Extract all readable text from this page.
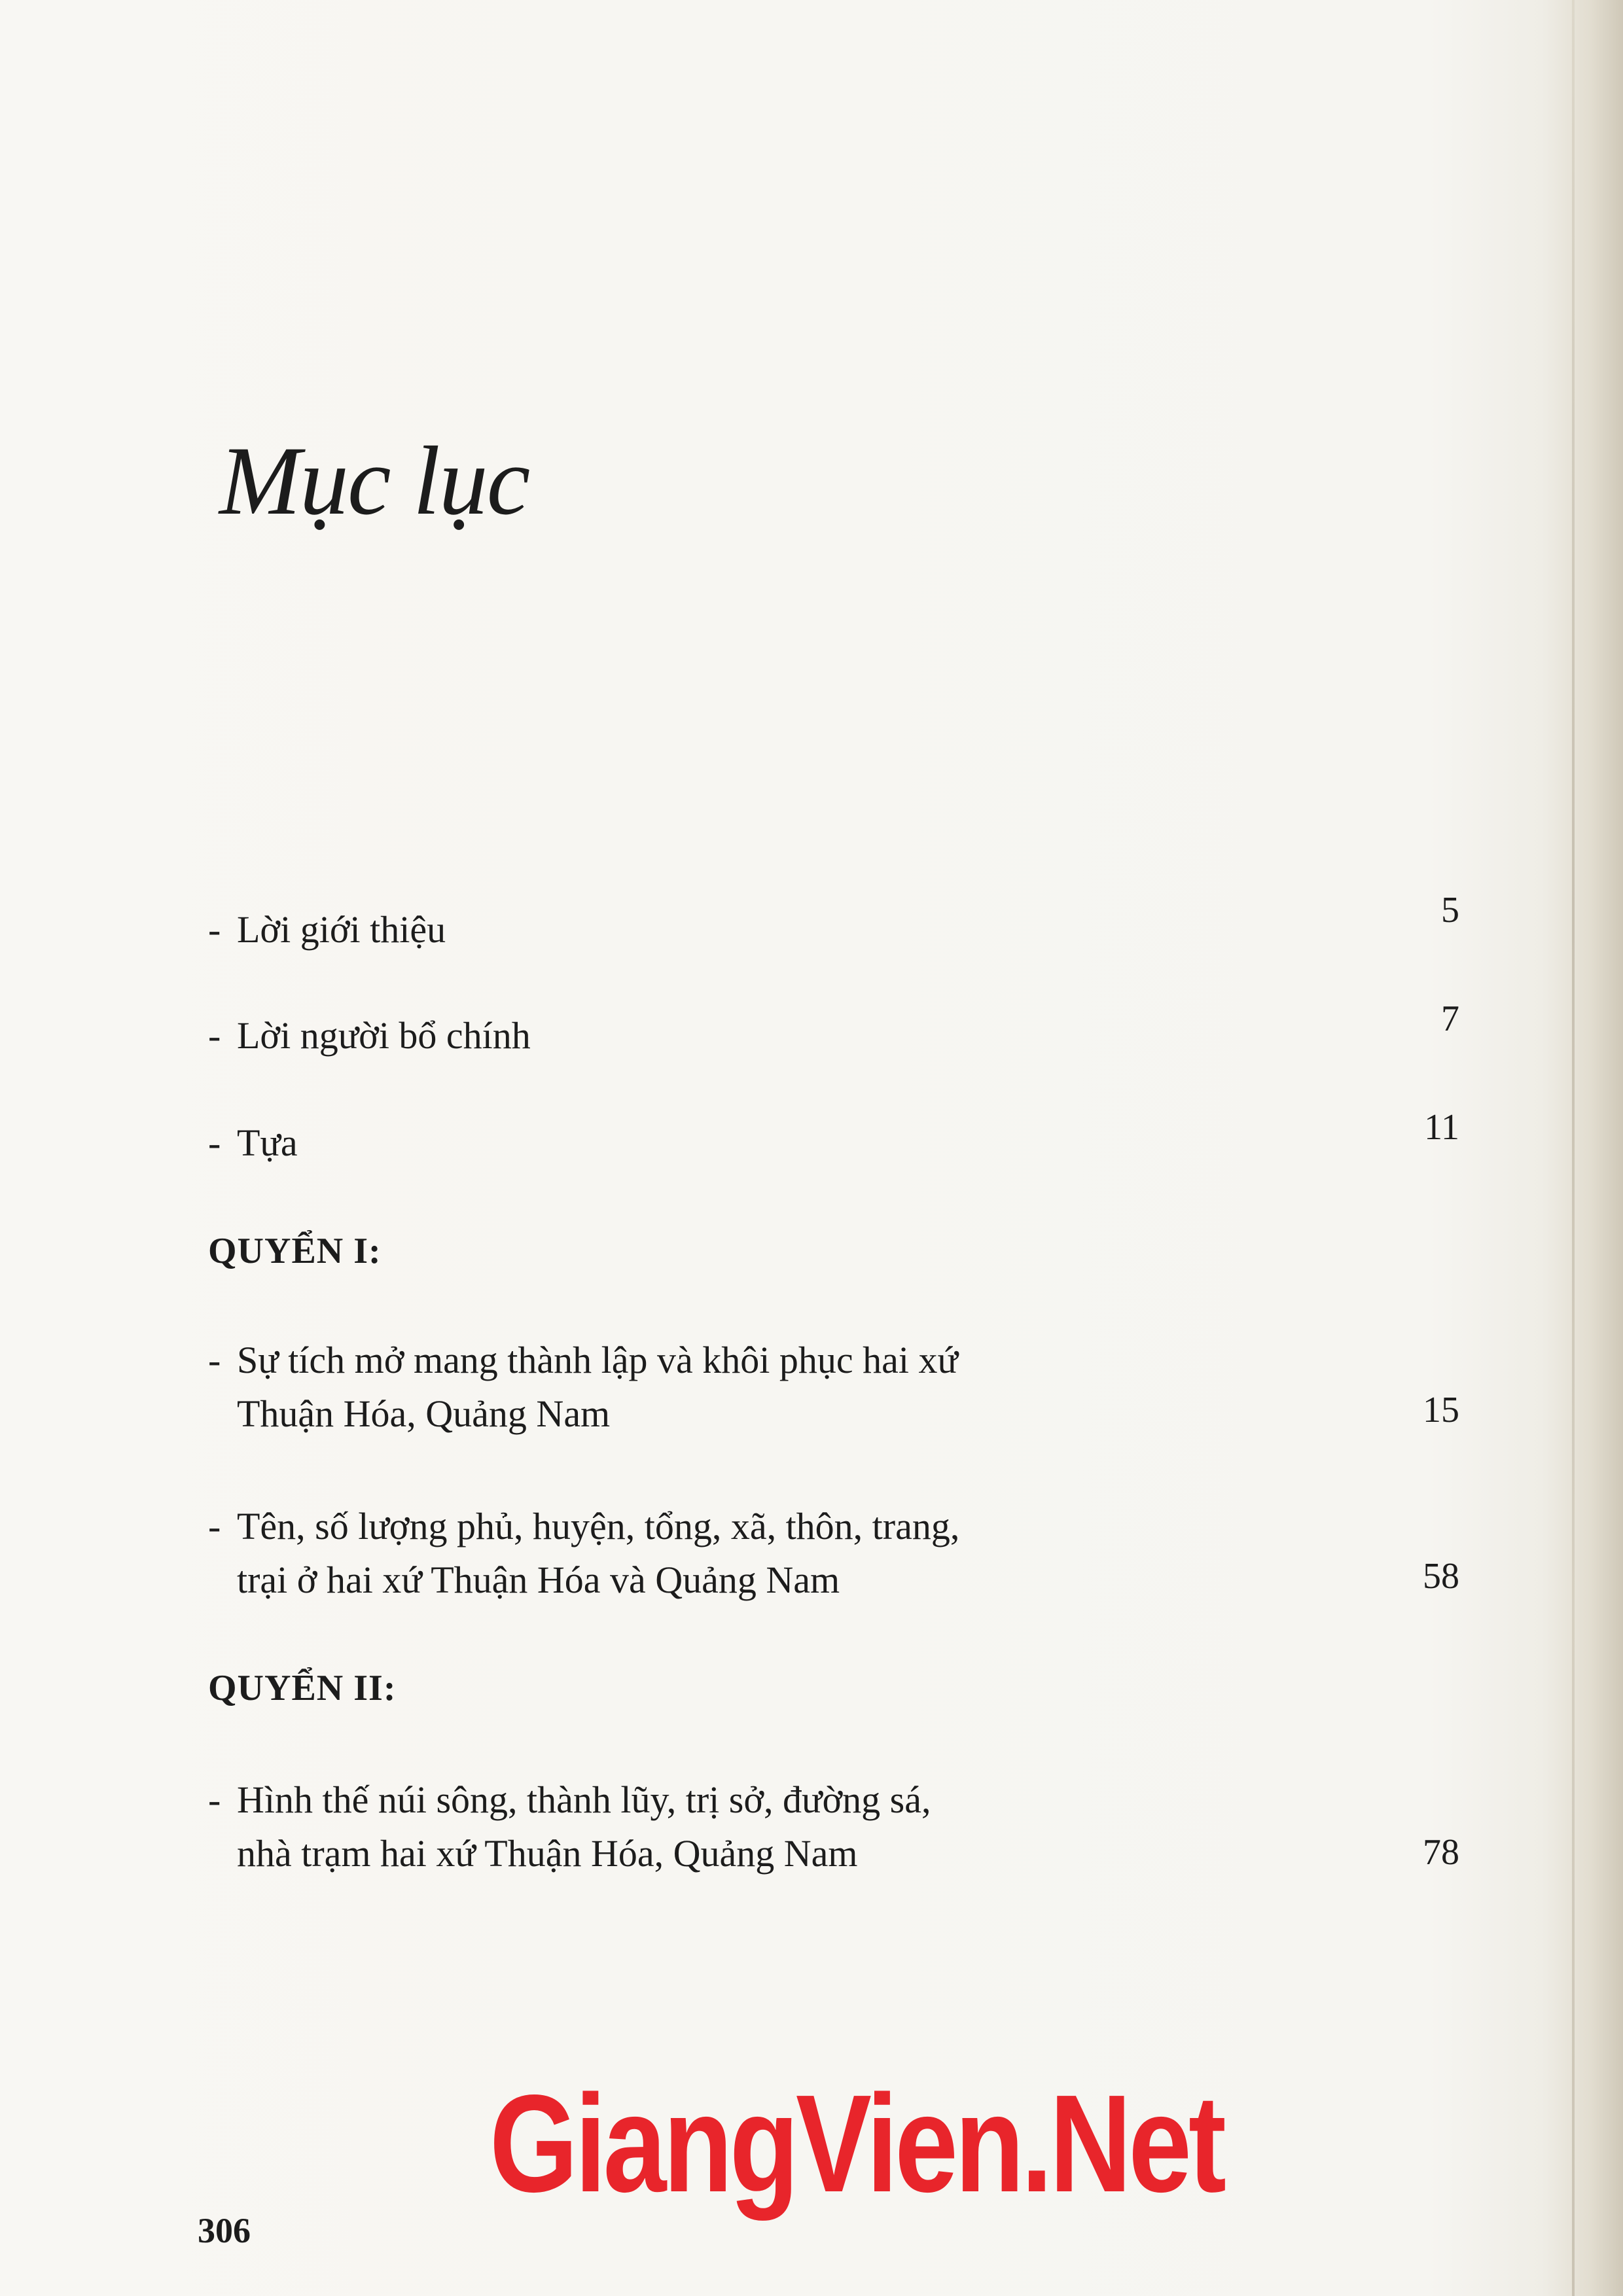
Mục lục
- Lời giới thiệu	5
- Lời người bổ chính	7
- Tựa	11
QUYỂN I:
- Sự tích mở mang thành lập và khôi phục hai xứ
Thuận Hóa, Quảng Nam	15
- Tên, số lượng phủ, huyện, tổng, xã, thôn, trang,
trại ở hai xứ Thuận Hóa và Quảng Nam	58
QUYỂN II:
- Hình thế núi sông, thành lũy, trị sở, đường sá,
nhà trạm hai xứ Thuận Hóa, Quảng Nam	78
GiangVien.Net
306
